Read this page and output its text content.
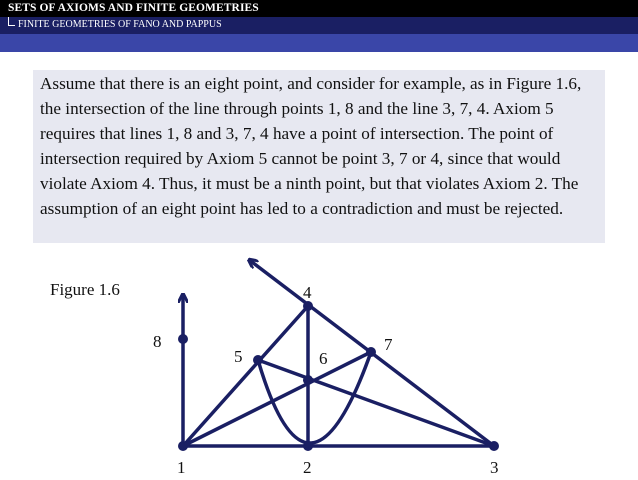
SETS OF AXIOMS AND FINITE GEOMETRIES
FINITE GEOMETRIES OF FANO AND PAPPUS

Assume that there is an eight point, and consider for example, as in Figure 1.6, the intersection of the line through points 1, 8 and the line 3, 7, 4. Axiom 5 requires that lines 1, 8 and 3, 7, 4 have a point of intersection. The point of intersection required by Axiom 5 cannot be point 3, 7 or 4, since that would violate Axiom 4. Thus, it must be a ninth point, but that violates Axiom 2. The assumption of an eight point has led to a contradiction and must be rejected.

Figure 1.6
1	2	3
4
5	6
7
8
